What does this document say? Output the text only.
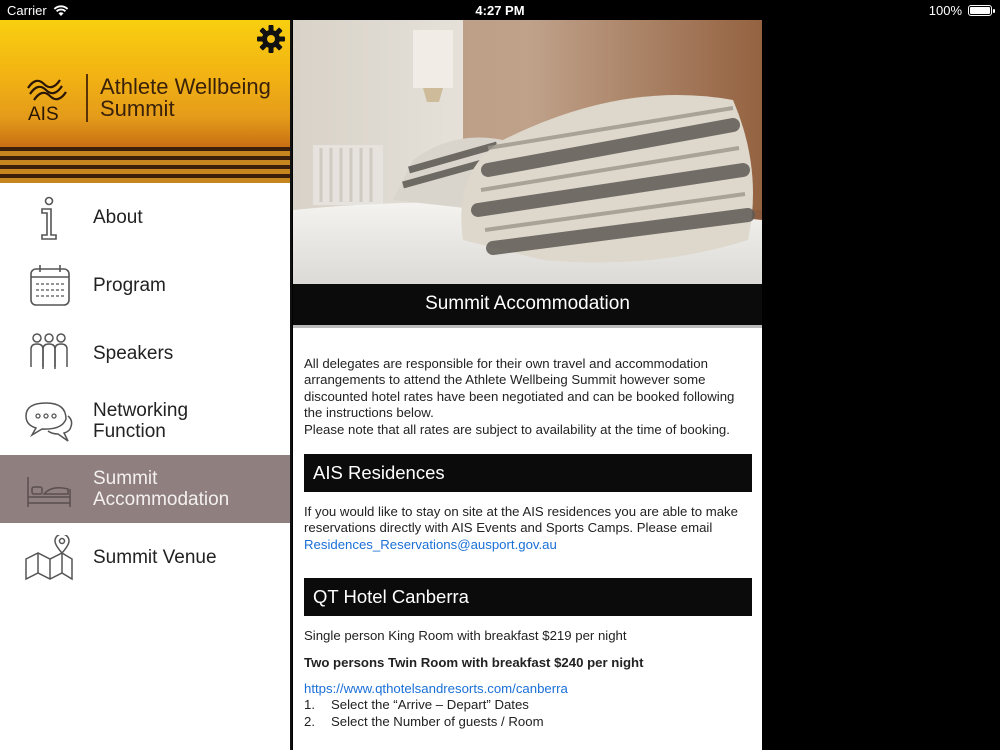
Carrier	4:27 PM	100%
AIS
Athlete Wellbeing
Summit
About
Program
Speakers
Networking
Function
Summit
Accommodation
Summit Venue
Summit Accommodation

All delegates are responsible for their own travel and accommodation arrangements to attend the Athlete Wellbeing Summit however some discounted hotel rates have been negotiated and can be booked following the instructions below.

Please note that all rates are subject to availability at the time of booking.

AIS Residences

If you would like to stay on site at the AIS residences you are able to make reservations directly with AIS Events and Sports Camps. Please email Residences_Reservations@ausport.gov.au

QT Hotel Canberra

Single person King Room with breakfast $219 per night

Two persons Twin Room with breakfast $240 per night

https://www.qthotelsandresorts.com/canberra

1.	Select the “Arrive – Depart” Dates
2.	Select the Number of guests / Room
